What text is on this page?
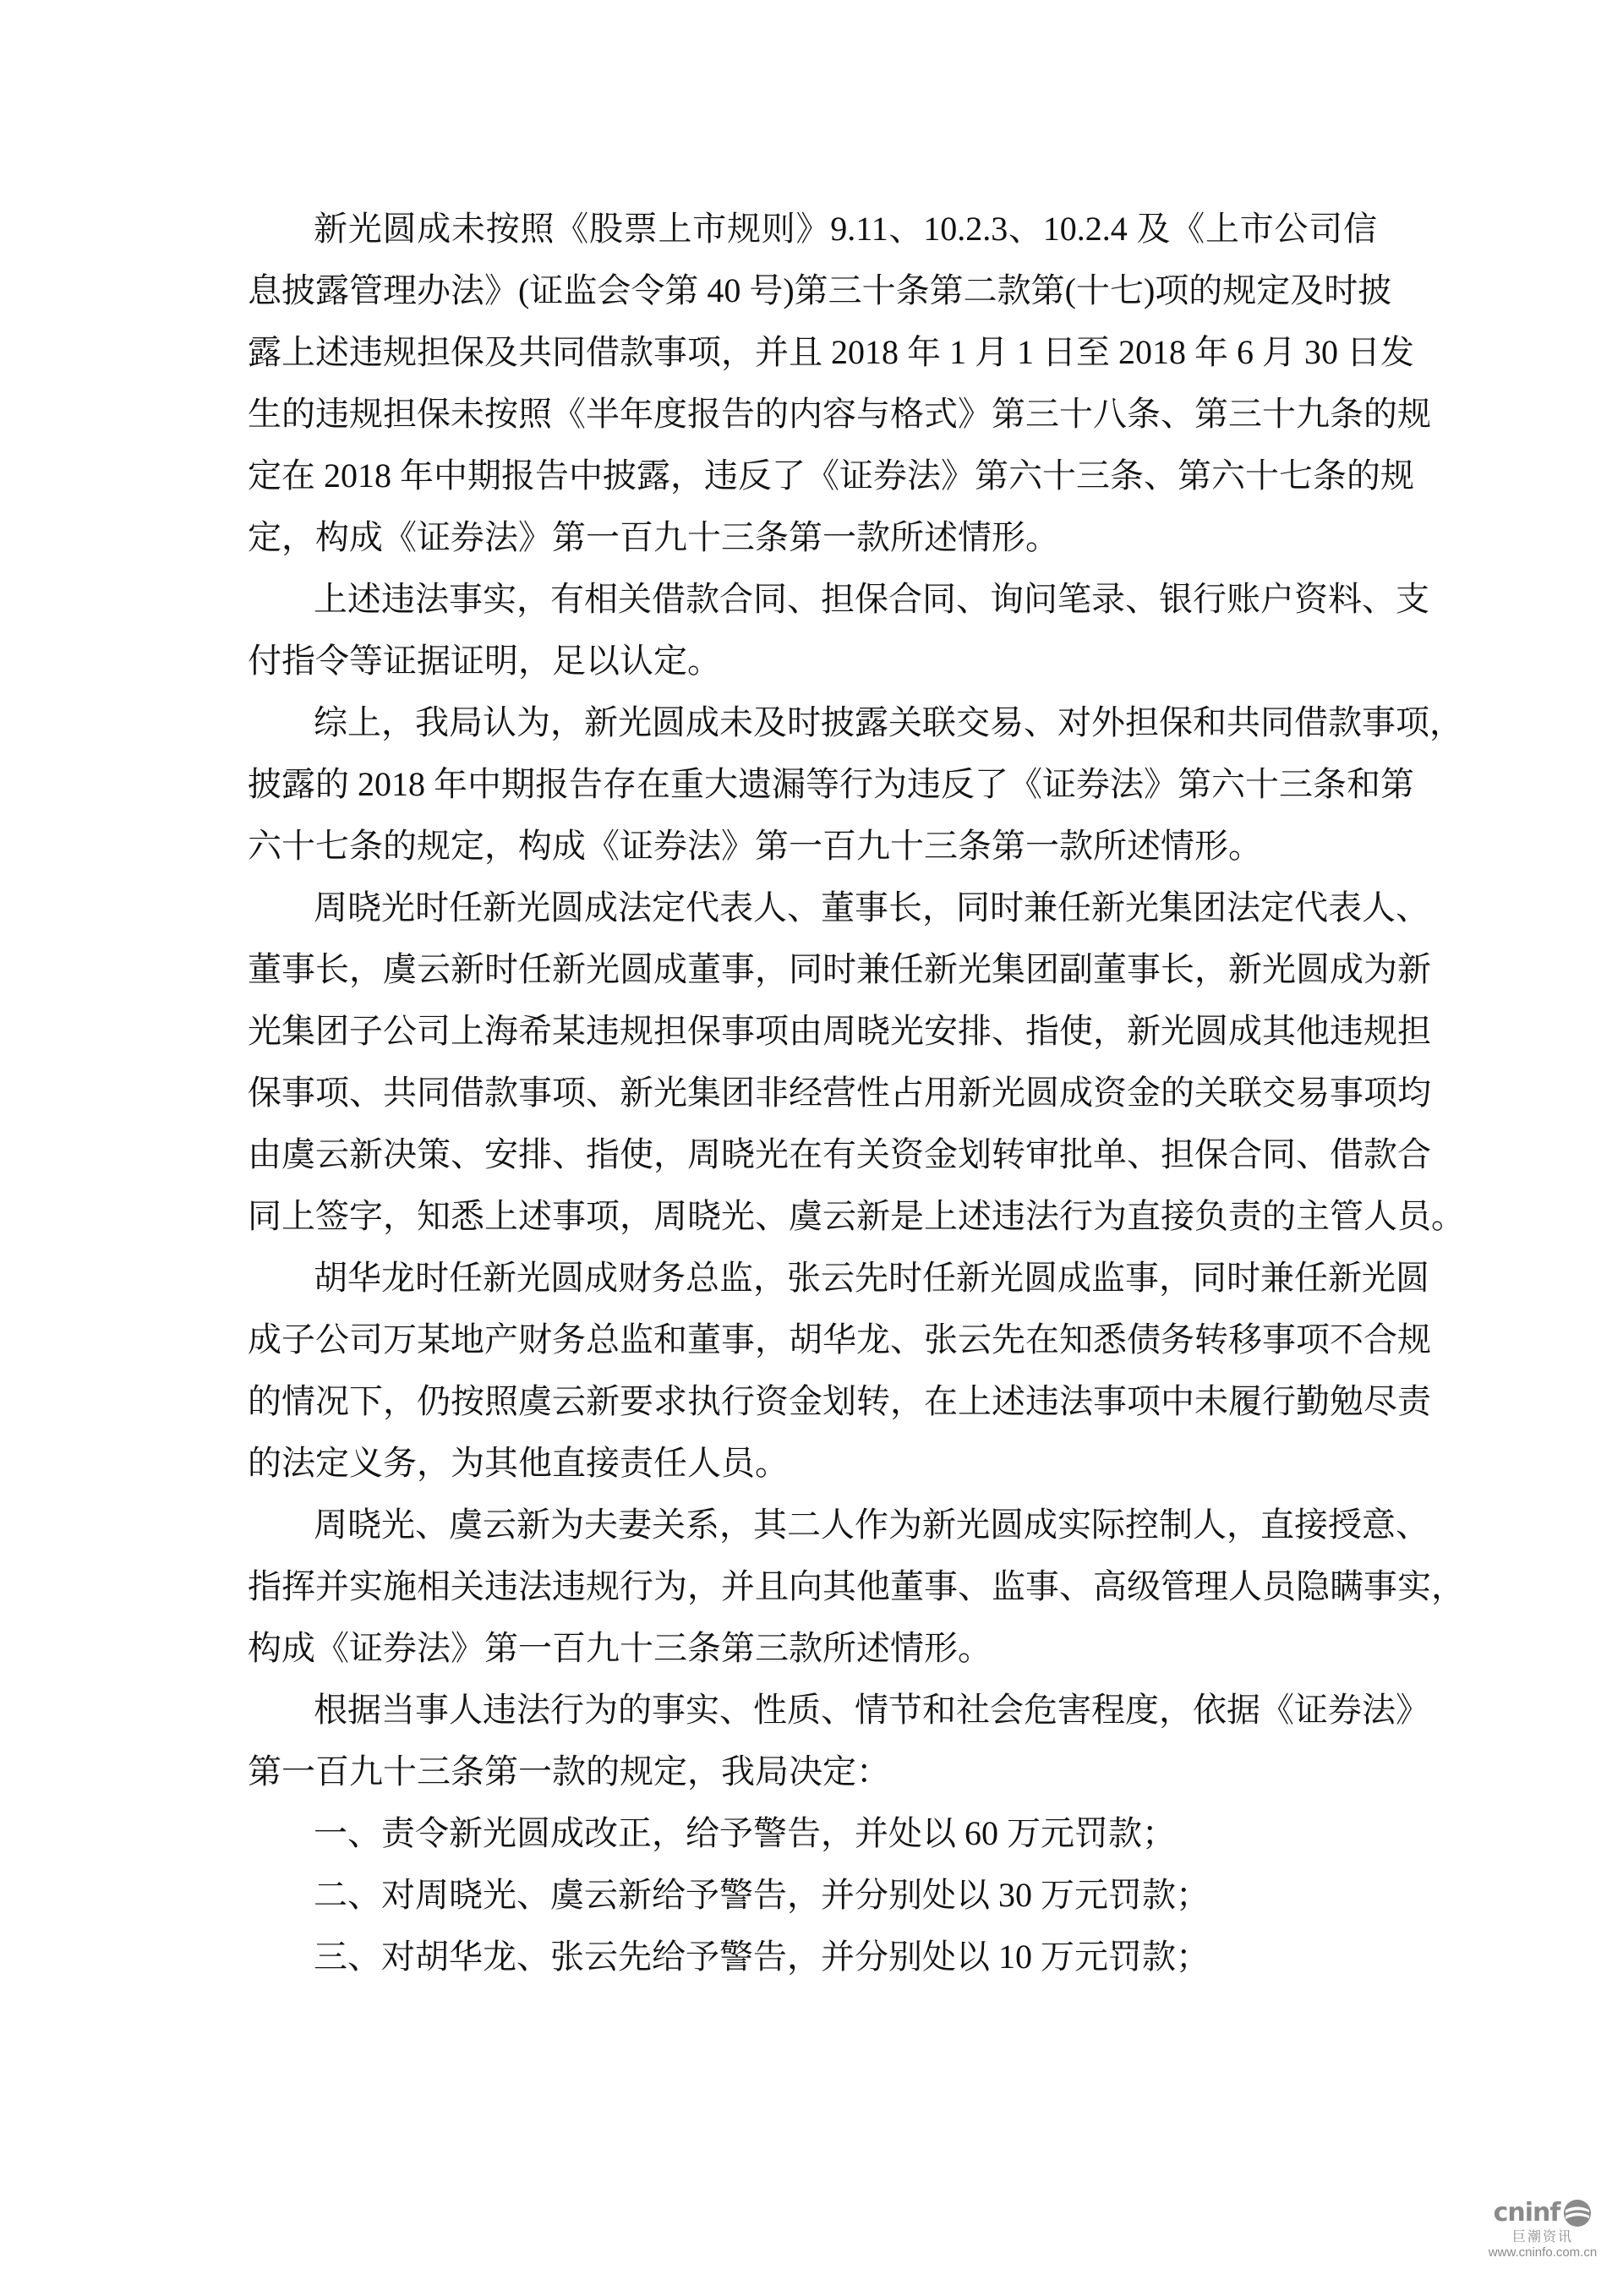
新光圆成未按照《股票上市规则》9.11、10.2.3、10.2.4 及《上市公司信
息披露管理办法》(证监会令第 40 号)第三十条第二款第(十七)项的规定及时披
露上述违规担保及共同借款事项，并且 2018 年 1 月 1 日至 2018 年 6 月 30 日发
生的违规担保未按照《半年度报告的内容与格式》第三十八条、第三十九条的规
定在 2018 年中期报告中披露，违反了《证券法》第六十三条、第六十七条的规
定，构成《证券法》第一百九十三条第一款所述情形。
上述违法事实，有相关借款合同、担保合同、询问笔录、银行账户资料、支
付指令等证据证明，足以认定。
综上，我局认为，新光圆成未及时披露关联交易、对外担保和共同借款事项，
披露的 2018 年中期报告存在重大遗漏等行为违反了《证券法》第六十三条和第
六十七条的规定，构成《证券法》第一百九十三条第一款所述情形。
周晓光时任新光圆成法定代表人、董事长，同时兼任新光集团法定代表人、
董事长，虞云新时任新光圆成董事，同时兼任新光集团副董事长，新光圆成为新
光集团子公司上海希某违规担保事项由周晓光安排、指使，新光圆成其他违规担
保事项、共同借款事项、新光集团非经营性占用新光圆成资金的关联交易事项均
由虞云新决策、安排、指使，周晓光在有关资金划转审批单、担保合同、借款合
同上签字，知悉上述事项，周晓光、虞云新是上述违法行为直接负责的主管人员。
胡华龙时任新光圆成财务总监，张云先时任新光圆成监事，同时兼任新光圆
成子公司万某地产财务总监和董事，胡华龙、张云先在知悉债务转移事项不合规
的情况下，仍按照虞云新要求执行资金划转，在上述违法事项中未履行勤勉尽责
的法定义务，为其他直接责任人员。
周晓光、虞云新为夫妻关系，其二人作为新光圆成实际控制人，直接授意、
指挥并实施相关违法违规行为，并且向其他董事、监事、高级管理人员隐瞒事实，
构成《证券法》第一百九十三条第三款所述情形。
根据当事人违法行为的事实、性质、情节和社会危害程度，依据《证券法》
第一百九十三条第一款的规定，我局决定：
一、责令新光圆成改正，给予警告，并处以 60 万元罚款；
二、对周晓光、虞云新给予警告，并分别处以 30 万元罚款；
三、对胡华龙、张云先给予警告，并分别处以 10 万元罚款；
cninf
巨潮资讯
www.cninfo.com.cn
